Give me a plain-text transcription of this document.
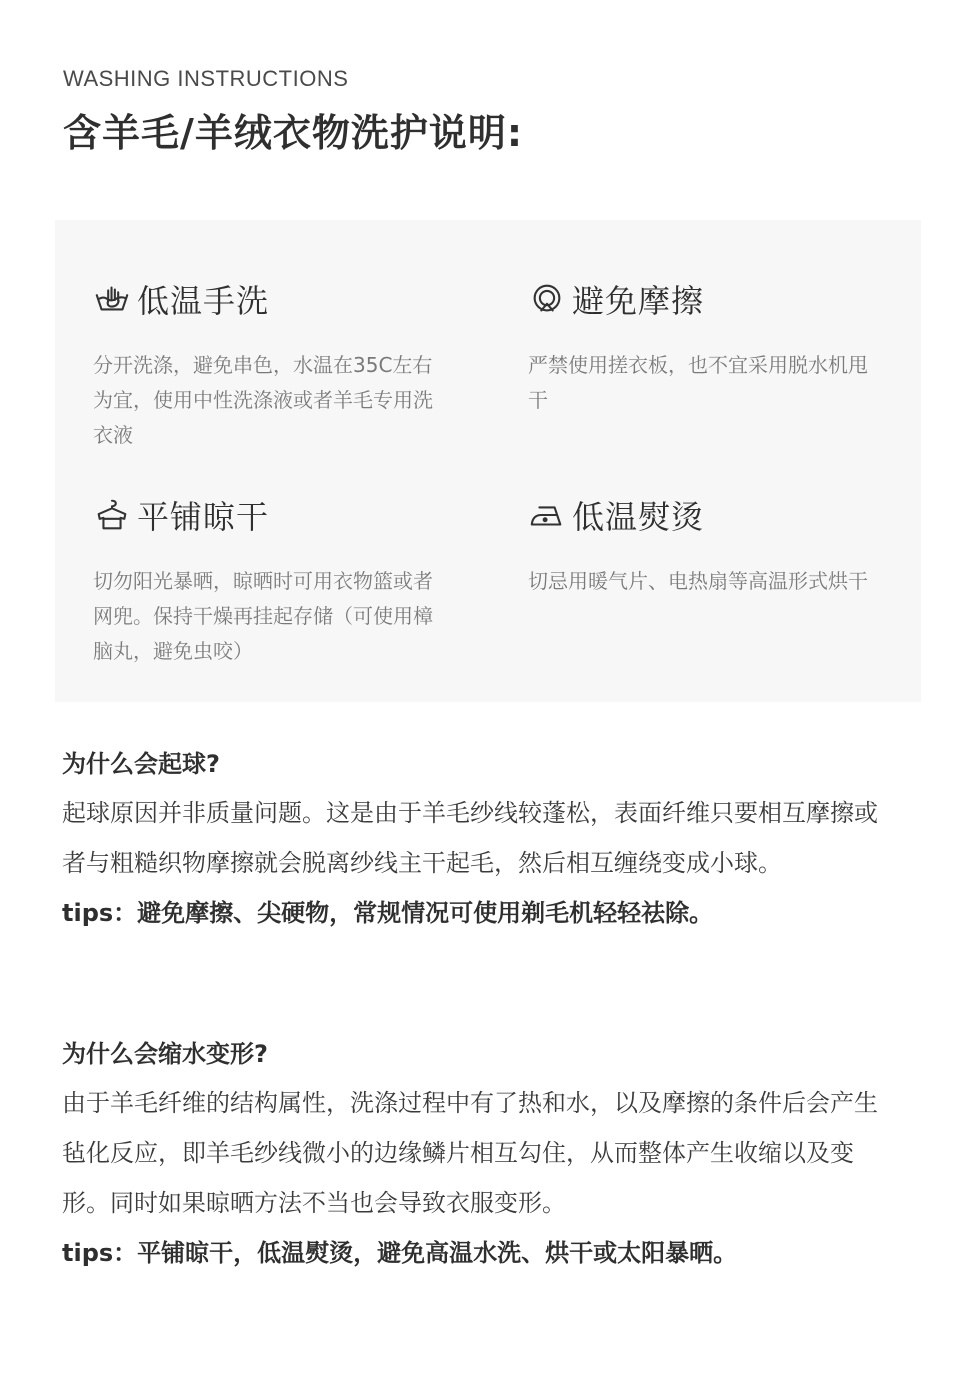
WASHING INSTRUCTIONS
含羊毛/羊绒衣物洗护说明:
低温手洗
分开洗涤，避免串色，水温在35C左右为宜，使用中性洗涤液或者羊毛专用洗衣液
避免摩擦
严禁使用搓衣板，也不宜采用脱水机甩干
平铺晾干
切勿阳光暴晒，晾晒时可用衣物篮或者网兜。保持干燥再挂起存储（可使用樟脑丸，避免虫咬）
低温熨烫
切忌用暖气片、电热扇等高温形式烘干
为什么会起球?
起球原因并非质量问题。这是由于羊毛纱线较蓬松，表面纤维只要相互摩擦或者与粗糙织物摩擦就会脱离纱线主干起毛，然后相互缠绕变成小球。
tips：避免摩擦、尖硬物，常规情况可使用剃毛机轻轻祛除。
为什么会缩水变形?
由于羊毛纤维的结构属性，洗涤过程中有了热和水，以及摩擦的条件后会产生毡化反应，即羊毛纱线微小的边缘鳞片相互勾住，从而整体产生收缩以及变形。同时如果晾晒方法不当也会导致衣服变形。
tips：平铺晾干，低温熨烫，避免高温水洗、烘干或太阳暴晒。
